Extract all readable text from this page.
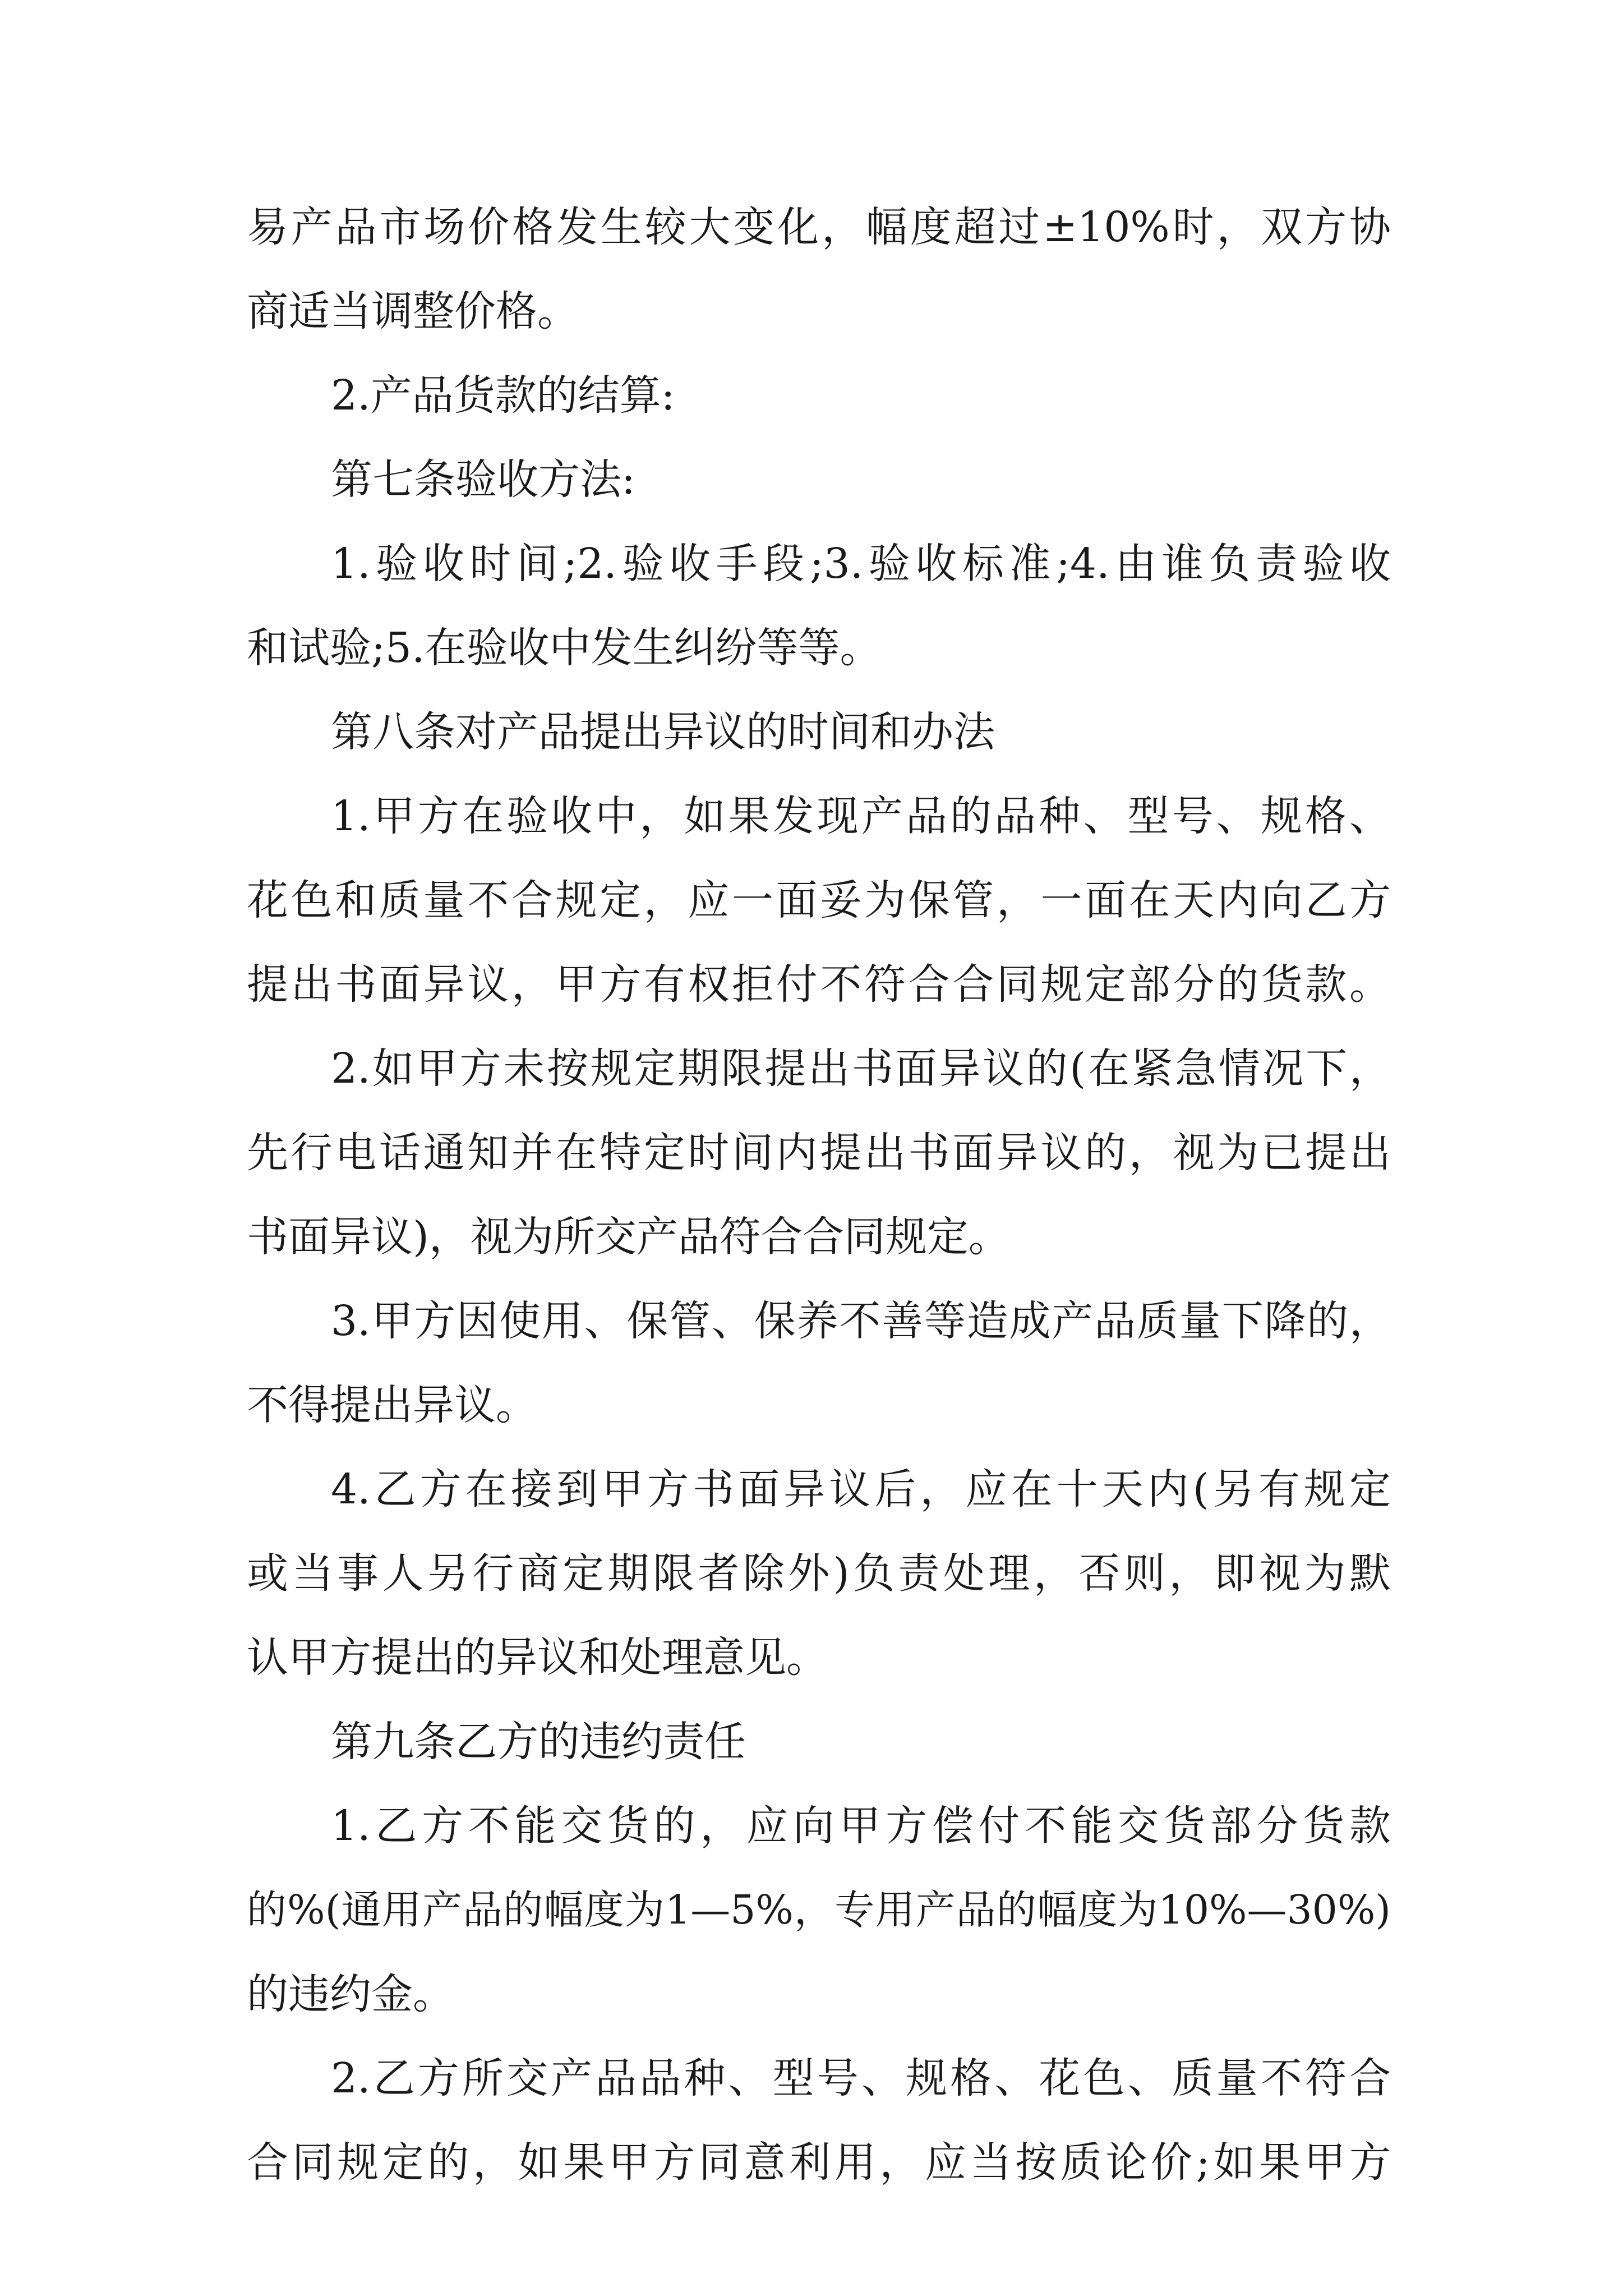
易产品市场价格发生较大变化，幅度超过±10%时，双方协
商适当调整价格。
2.产品货款的结算:
第七条验收方法:
1.验收时间;2.验收手段;3.验收标准;4.由谁负责验收
和试验;5.在验收中发生纠纷等等。
第八条对产品提出异议的时间和办法
1.甲方在验收中，如果发现产品的品种、型号、规格、
花色和质量不合规定，应一面妥为保管，一面在天内向乙方
提出书面异议，甲方有权拒付不符合合同规定部分的货款。
2.如甲方未按规定期限提出书面异议的(在紧急情况下，
先行电话通知并在特定时间内提出书面异议的，视为已提出
书面异议)，视为所交产品符合合同规定。
3.甲方因使用、保管、保养不善等造成产品质量下降的，
不得提出异议。
4.乙方在接到甲方书面异议后，应在十天内(另有规定
或当事人另行商定期限者除外)负责处理，否则，即视为默
认甲方提出的异议和处理意见。
第九条乙方的违约责任
1.乙方不能交货的，应向甲方偿付不能交货部分货款
的%(通用产品的幅度为1—5%，专用产品的幅度为10%—30%)
的违约金。
2.乙方所交产品品种、型号、规格、花色、质量不符合
合同规定的，如果甲方同意利用，应当按质论价;如果甲方
